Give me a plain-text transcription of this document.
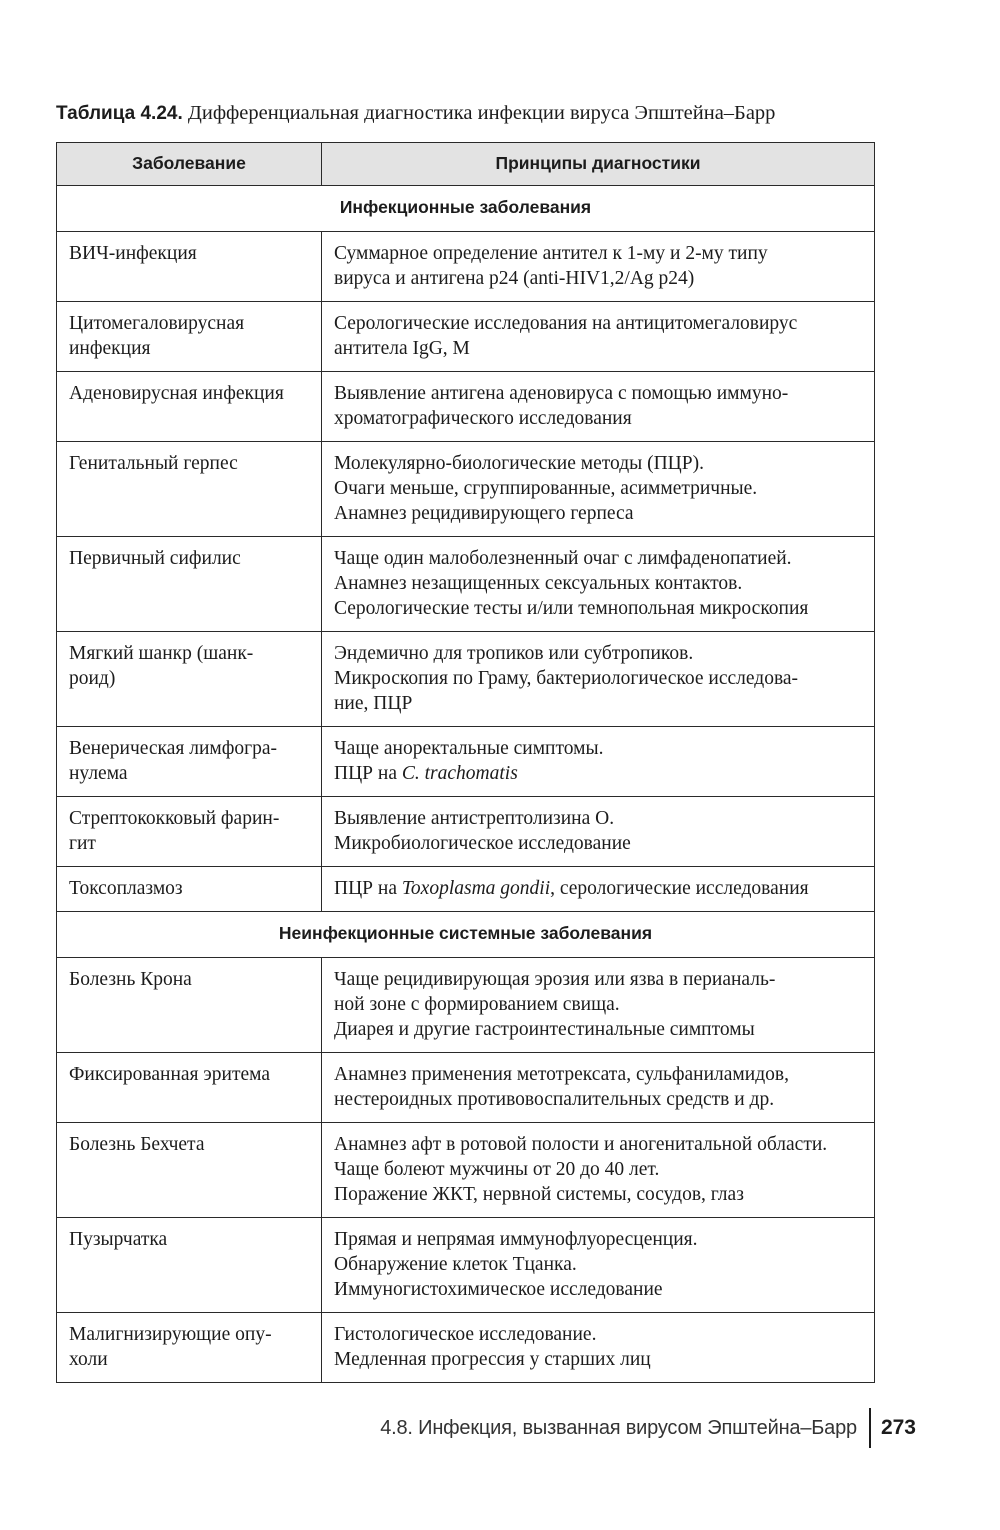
Таблица 4.24. Дифференциальная диагностика инфекции вируса Эпштейна–Барр
Заболевание	Принципы диагностики
Инфекционные заболевания	

ВИЧ-инфекция	Суммарное определение антител к 1-му и 2-му типу
вируса и антигена p24 (anti-HIV1,2/Ag p24)

Цитомегаловирусная
инфекция	Серологические исследования на антицитомегаловирус
антитела IgG, M

Аденовирусная инфекция	Выявление антигена аденовируса с помощью иммуно-
хроматографического исследования

Генитальный герпес	Молекулярно-биологические методы (ПЦР).
Очаги меньше, сгруппированные, асимметричные.
Анамнез рецидивирующего герпеса

Первичный сифилис	Чаще один малоболезненный очаг с лимфаденопатией.
Анамнез незащищенных сексуальных контактов.
Серологические тесты и/или темнопольная микроскопия

Мягкий шанкр (шанк-
роид)	Эндемично для тропиков или субтропиков.
Микроскопия по Граму, бактериологическое исследова-
ние, ПЦР

Венерическая лимфогра-
нулема	Чаще аноректальные симптомы.
ПЦР на C. trachomatis

Стрептококковый фарин-
гит	Выявление антистрептолизина О.
Микробиологическое исследование

Токсоплазмоз	ПЦР на Toxoplasma gondii, серологические исследования

Неинфекционные системные заболевания	

Болезнь Крона	Чаще рецидивирующая эрозия или язва в перианаль-
ной зоне с формированием свища.
Диарея и другие гастроинтестинальные симптомы

Фиксированная эритема	Анамнез применения метотрексата, сульфаниламидов,
нестероидных противовоспалительных средств и др.

Болезнь Бехчета	Анамнез афт в ротовой полости и аногенитальной области.
Чаще болеют мужчины от 20 до 40 лет.
Поражение ЖКТ, нервной системы, сосудов, глаз

Пузырчатка	Прямая и непрямая иммунофлуоресценция.
Обнаружение клеток Тцанка.
Иммуногистохимическое исследование

Малигнизирующие опу-
холи	Гистологическое исследование.
Медленная прогрессия у старших лиц
4.8. Инфекция, вызванная вирусом Эпштейна–Барр	273
